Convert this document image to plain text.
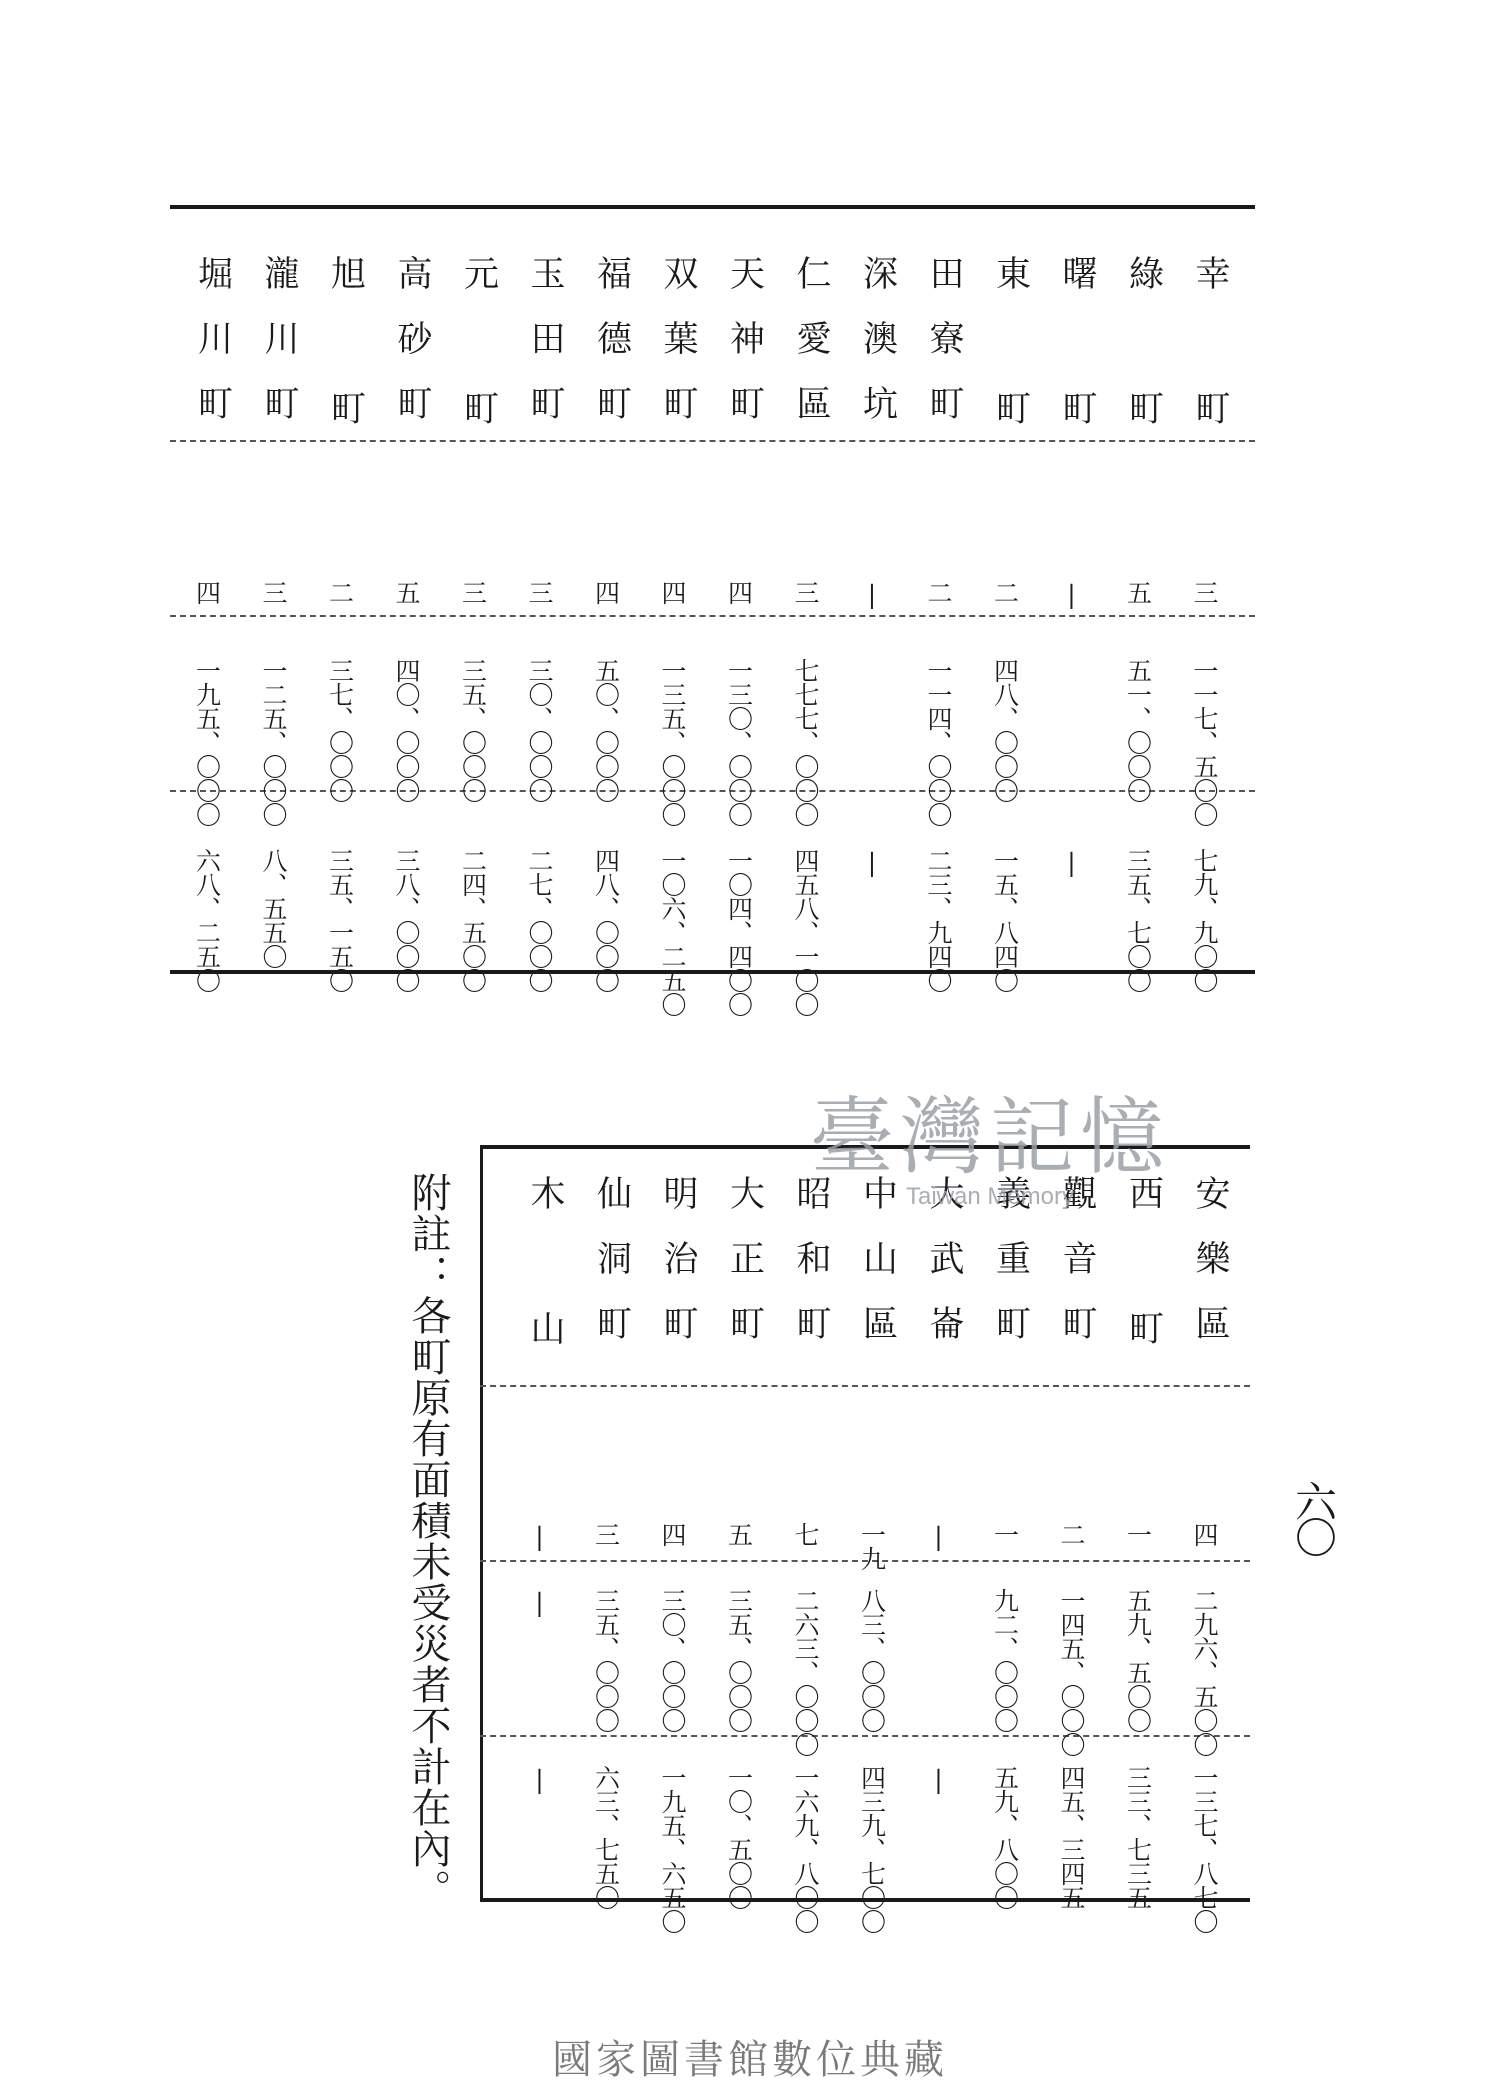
幸 町
三
一一七、五〇〇
七九、九〇〇
綠 町
五
五一、〇〇〇
三五、七〇〇
曙 町
|
|
東 町
二
四八、〇〇〇
一五、八四〇
田寮町
二
一一四、〇〇〇
二三、九四〇
深澳坑
|
|
仁愛區
三
七七七、〇〇〇
四五八、一〇〇
天神町
四
一三〇、〇〇〇
一〇四、四〇〇
双葉町
四
一三五、〇〇〇
一〇六、二五〇
福德町
四
五〇、〇〇〇
四八、〇〇〇
玉田町
三
三〇、〇〇〇
二七、〇〇〇
元 町
三
三五、〇〇〇
二四、五〇〇
高砂町
五
四〇、〇〇〇
三八、〇〇〇
旭 町
二
三七、〇〇〇
三五、一五〇
瀧川町
三
一二五、〇〇〇
八、五五〇
堀川町
四
一九五、〇〇〇
六八、二五〇
安樂區
四
二九六、五〇〇
一三七、八七〇
西 町
一
五九、五〇〇
三三、七三五
觀音町
二
一四五、〇〇〇
四五、三四五
義重町
一
九二、〇〇〇
五九、八〇〇
大武崙
|
|
中山區
一九
八三、〇〇〇
四三九、七〇〇
昭和町
七
二六三、〇〇〇
一六九、八〇〇
大正町
五
三五、〇〇〇
一〇、五〇〇
明治町
四
三〇、〇〇〇
一九五、六五〇
仙洞町
三
三五、〇〇〇
六三、七五〇
木 山
|
|
|
附註：各町原有面積未受災者不計在內。	六〇
臺灣記憶
Taiwan Memory
國家圖書館數位典藏
